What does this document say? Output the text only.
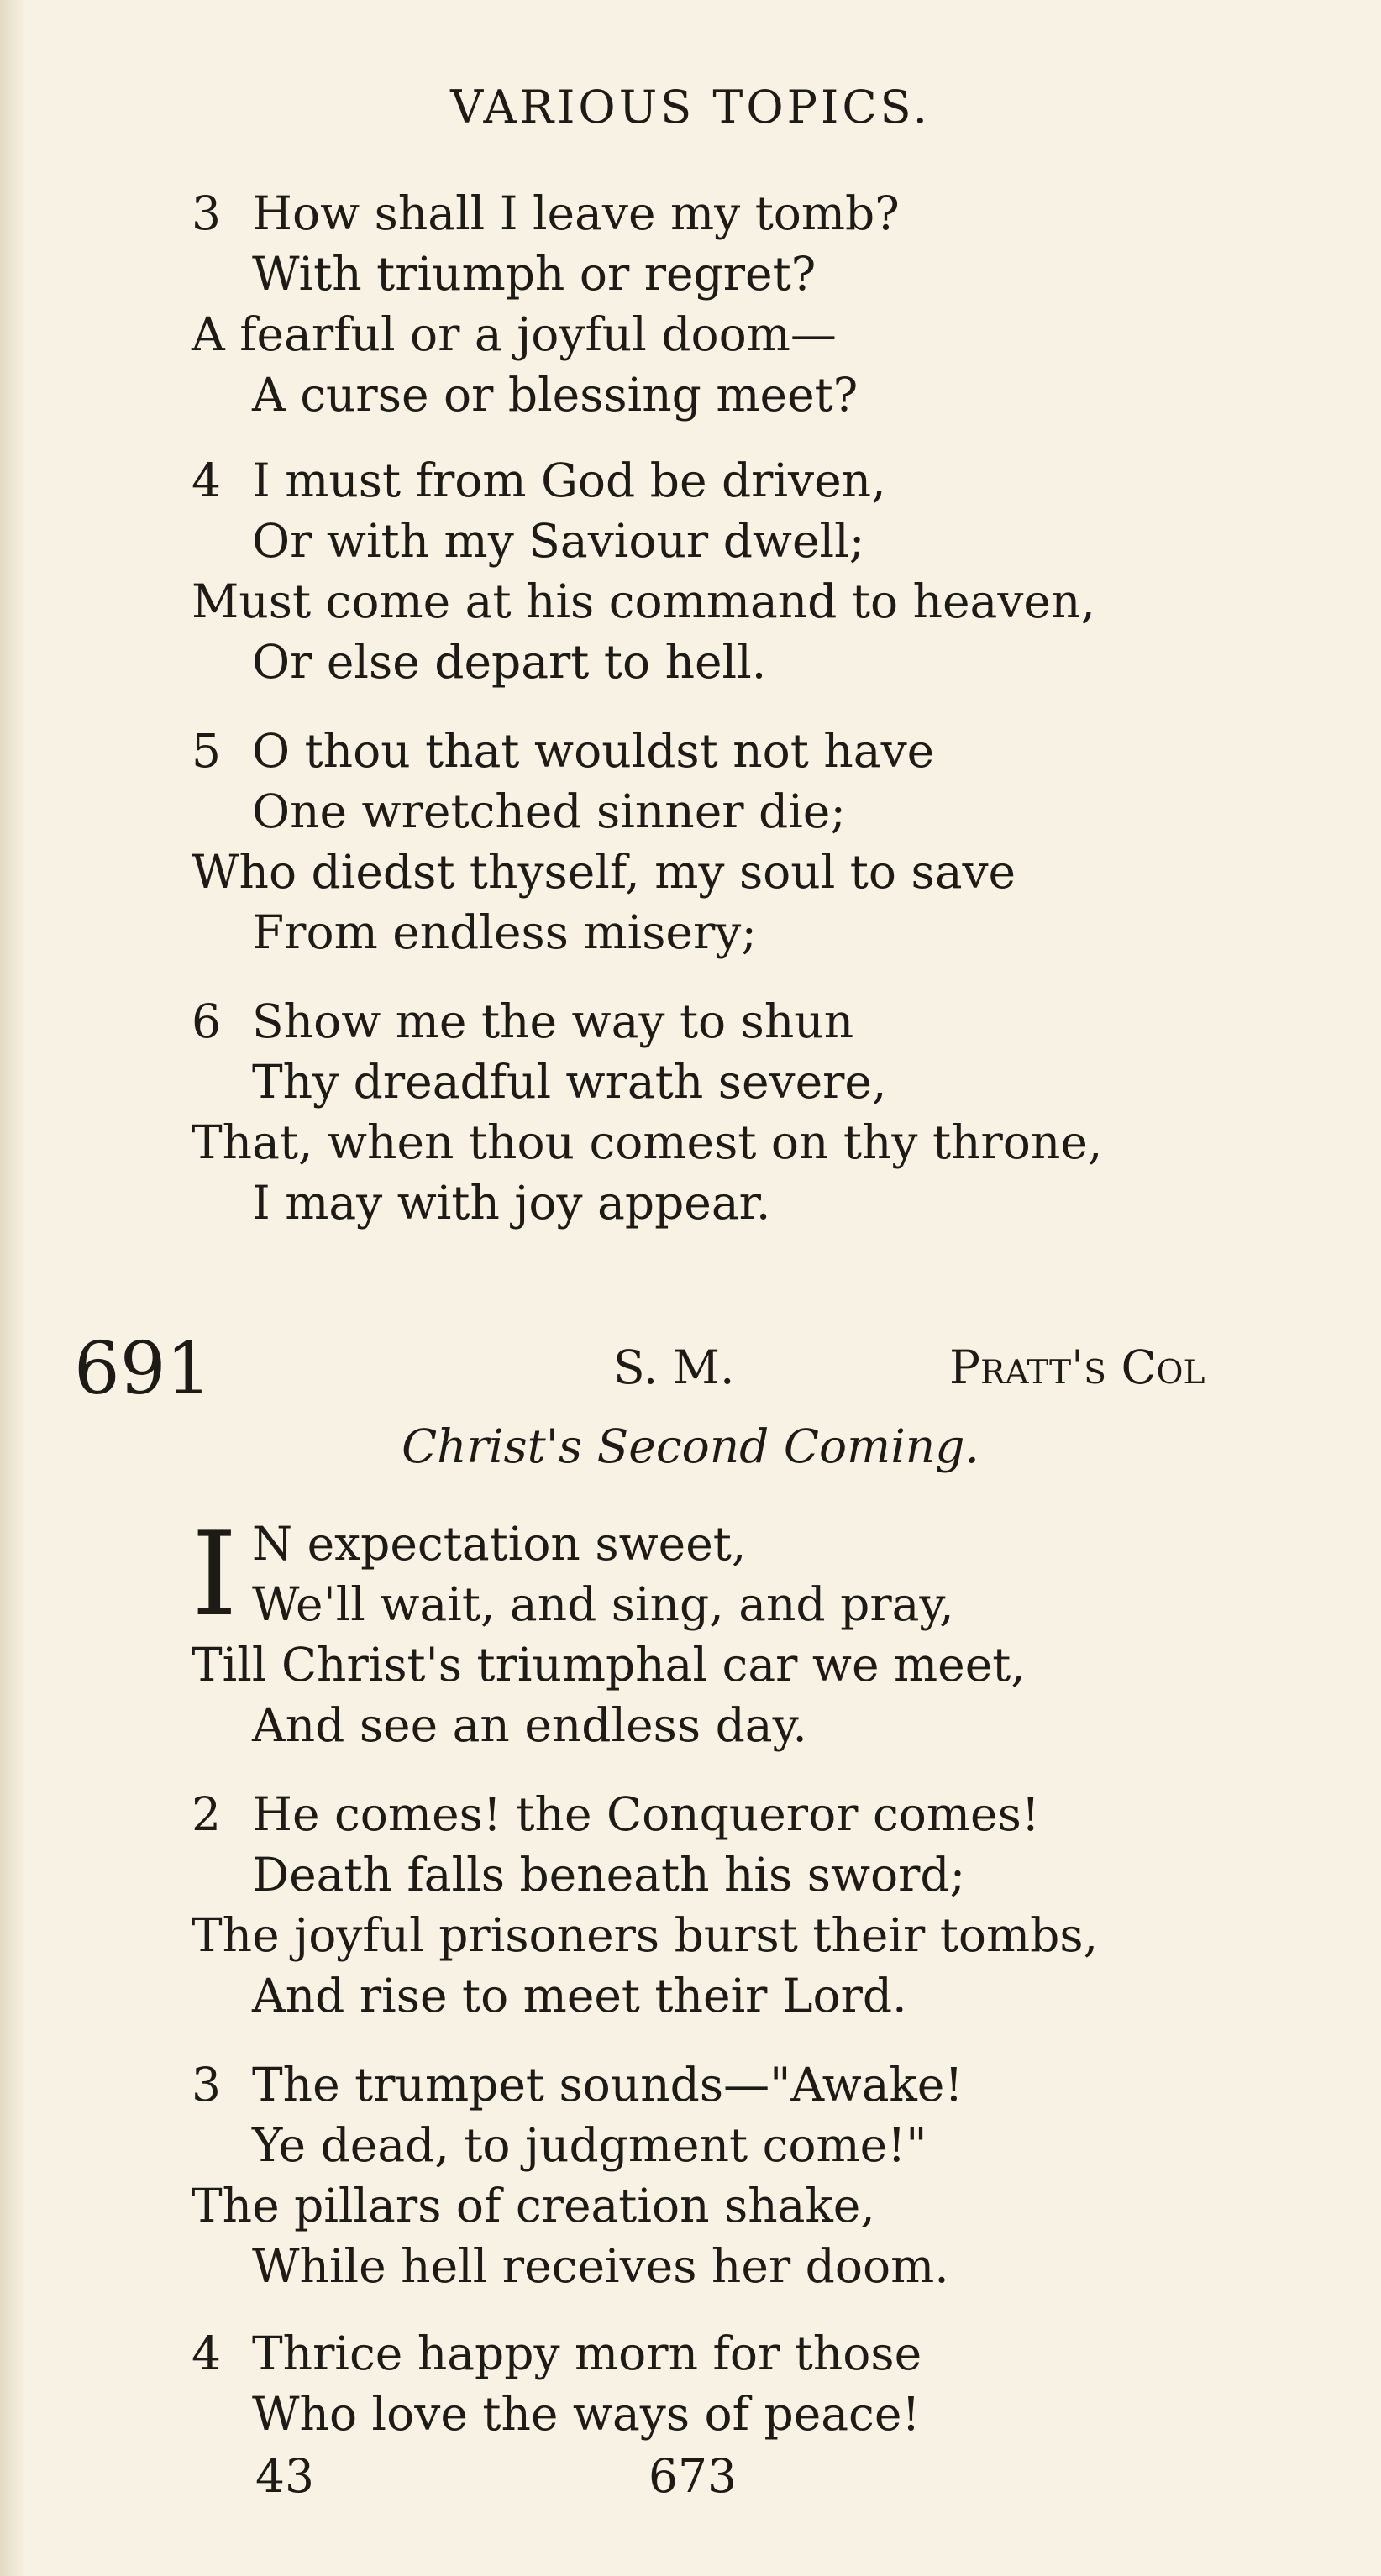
VARIOUS TOPICS.
3 How shall I leave my tomb?
With triumph or regret?
A fearful or a joyful doom—
A curse or blessing meet?
4 I must from God be driven,
Or with my Saviour dwell;
Must come at his command to heaven,
Or else depart to hell.
5 O thou that wouldst not have
One wretched sinner die;
Who diedst thyself, my soul to save
From endless misery;
6 Show me the way to shun
Thy dreadful wrath severe,
That, when thou comest on thy throne,
I may with joy appear.
691	S. M.	Pratt's Col
Christ's Second Coming.
I N expectation sweet,
We'll wait, and sing, and pray,
Till Christ's triumphal car we meet,
And see an endless day.
2 He comes! the Conqueror comes!
Death falls beneath his sword;
The joyful prisoners burst their tombs,
And rise to meet their Lord.
3 The trumpet sounds—"Awake!
Ye dead, to judgment come!"
The pillars of creation shake,
While hell receives her doom.
4 Thrice happy morn for those
Who love the ways of peace!
43	673
